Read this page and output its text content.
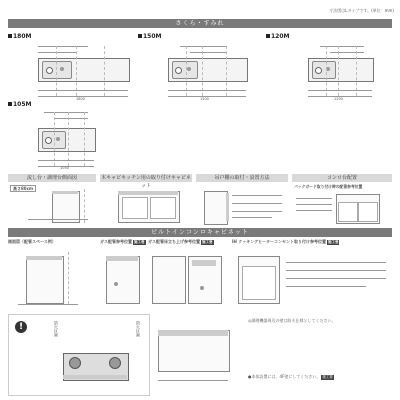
寸法図はLタイプです。(単位：mm)
さくら・すみれ
180M
1800
150M
1500
120M
1200
105M
1050
流し台・調理台側面図	木キャビキッチン用の取り付けキャビネット
吊戸棚の取付・設置方法	コンロ台配置
高さ80cm	バックガード取り付け時の配管参考位置
ビルトインコンロキャビネット
側面図（配管スペース例）	ガス配管参考位置 施工要 ガス配管床立ち上げ参考位置 施工要	IH クッキングヒーターコンセント取り付け参考位置 施工要
!	防火区画	防火区画
◎調理機器周辺の壁は防火仕様としてください。
●本体設置には、4F壁にしてください。 施工要
